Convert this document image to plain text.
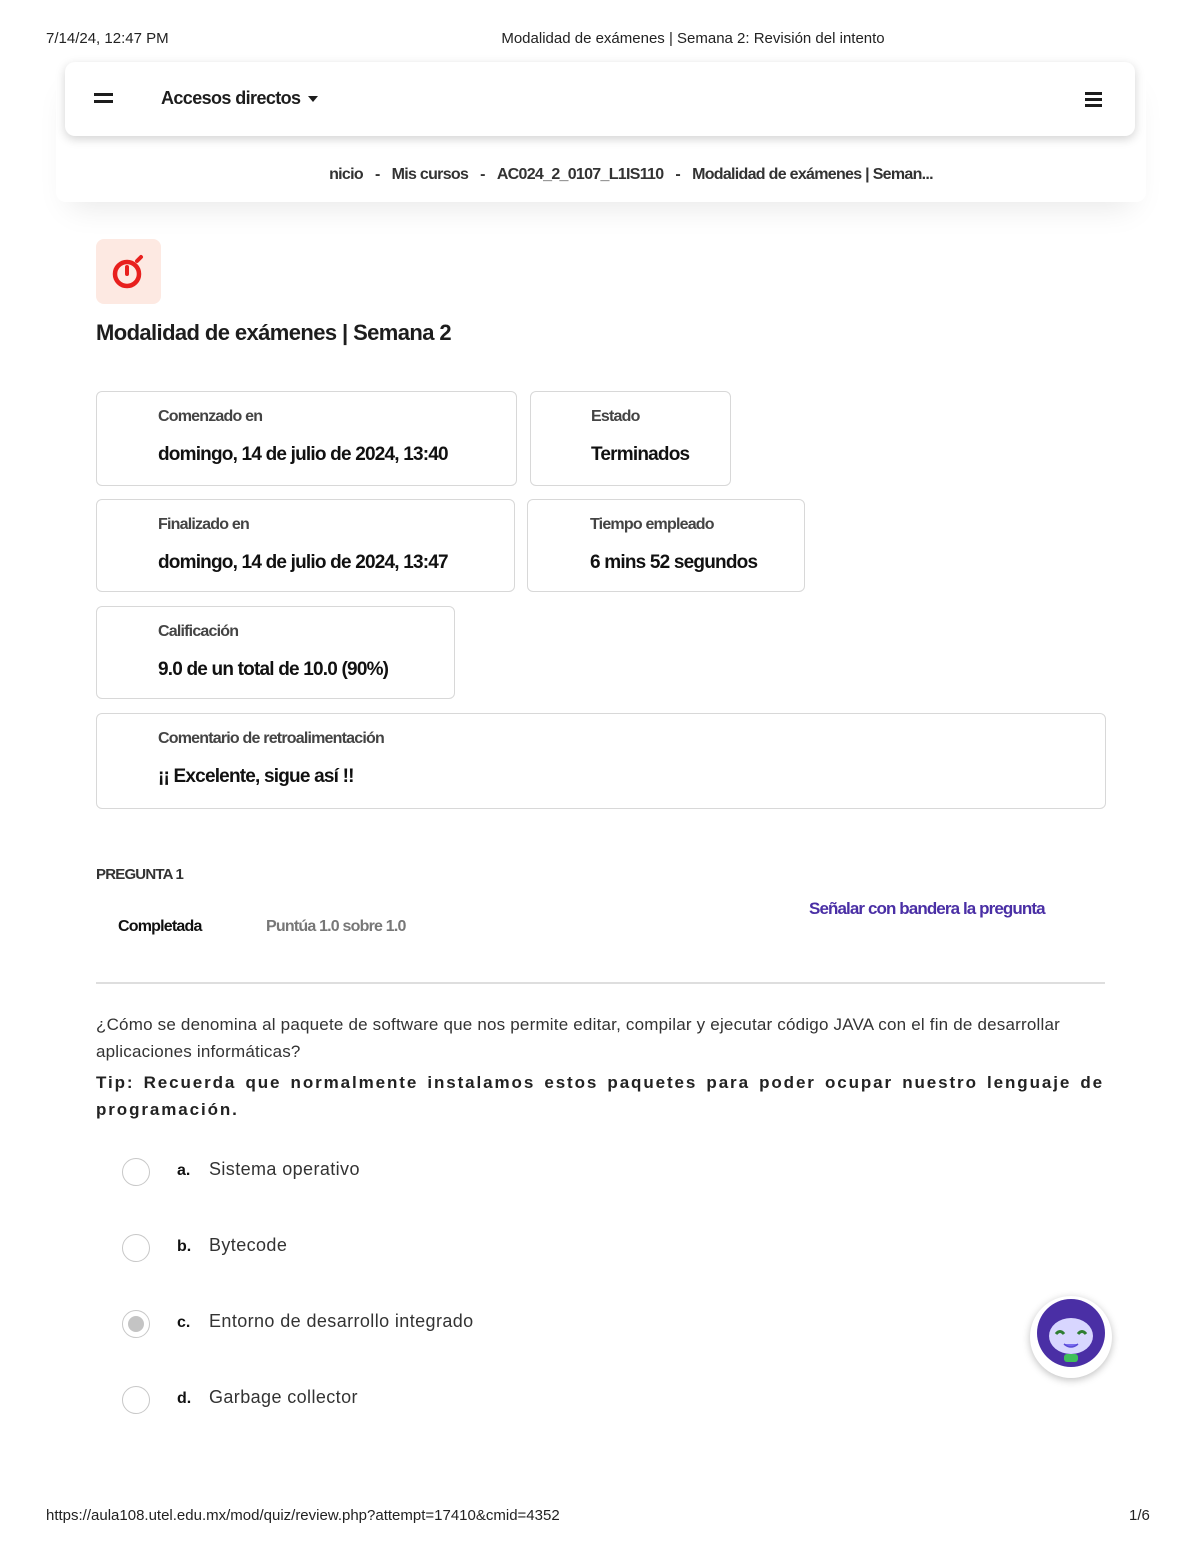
7/14/24, 12:47 PM	Modalidad de exámenes | Semana 2: Revisión del intento
Accesos directos
nicio - Mis cursos - AC024_2_0107_L1IS110 - Modalidad de exámenes | Seman...
Modalidad de exámenes | Semana 2
Comenzado en
domingo, 14 de julio de 2024, 13:40
Estado
Terminados
Finalizado en
domingo, 14 de julio de 2024, 13:47
Tiempo empleado
6 mins 52 segundos
Calificación
9.0 de un total de 10.0 (90%)
Comentario de retroalimentación
¡¡ Excelente, sigue así !!
PREGUNTA 1
Completada	Puntúa 1.0 sobre 1.0
Señalar con bandera la pregunta
¿Cómo se denomina al paquete de software que nos permite editar, compilar y ejecutar código JAVA con el fin de desarrollar aplicaciones informáticas?
Tip: Recuerda que normalmente instalamos estos paquetes para poder ocupar nuestro lenguaje de programación.
a. Sistema operativo
b. Bytecode
c. Entorno de desarrollo integrado
d. Garbage collector
https://aula108.utel.edu.mx/mod/quiz/review.php?attempt=17410&cmid=4352	1/6
